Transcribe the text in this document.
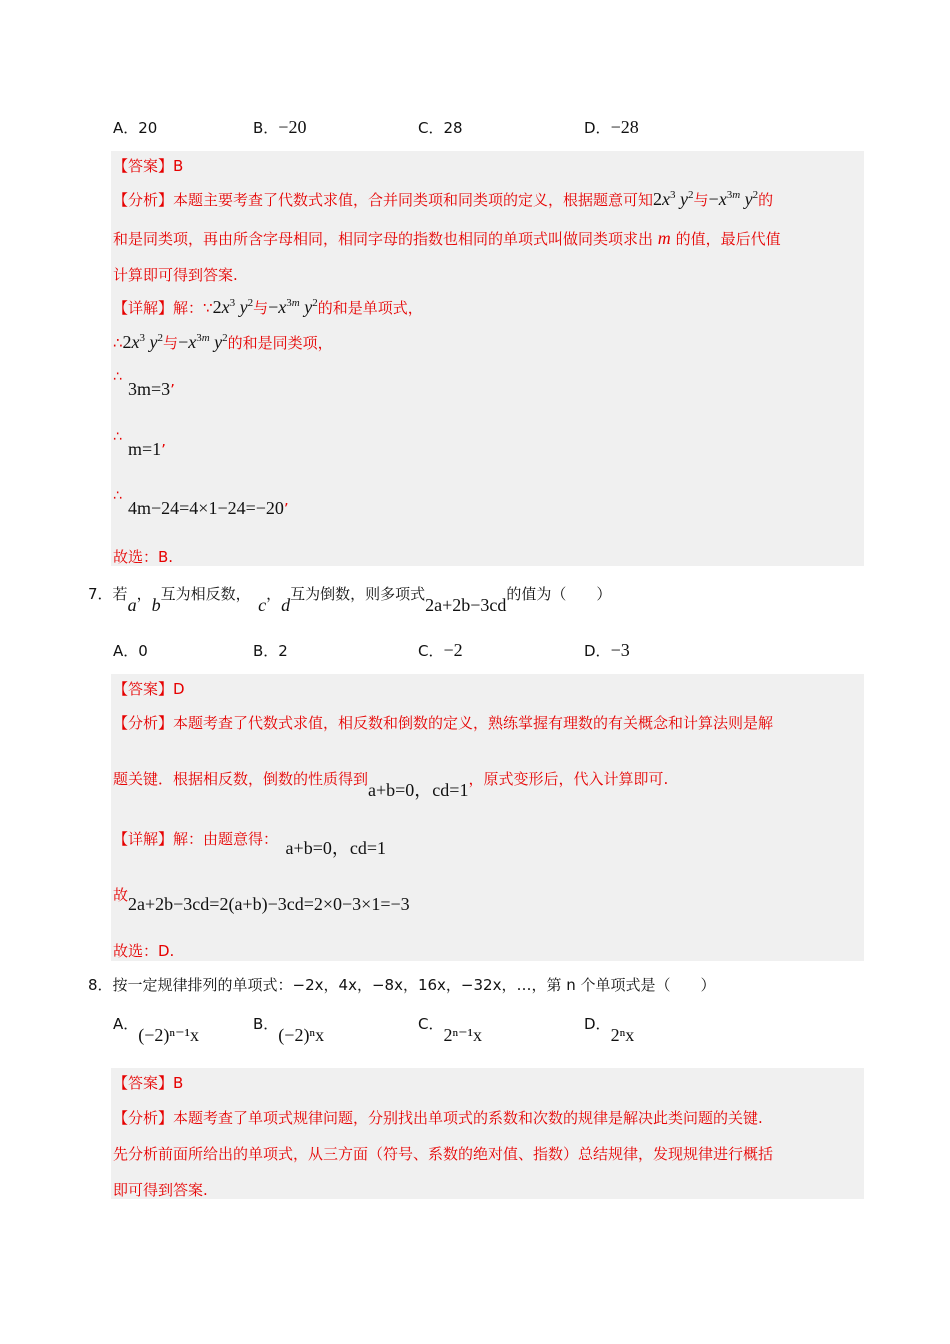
A．20	B．−20	C．28	D．−28
【答案】B
【分析】本题主要考查了代数式求值，合并同类项和同类项的定义，根据题意可知$2x^3$ $y^2$与$-x^{3m}$ $y^2$的
和是同类项，再由所含字母相同，相同字母的指数也相同的单项式叫做同类项求出 m 的值，最后代值
计算即可得到答案.
【详解】解：$\because 2x^3$ $y^2$与$-x^{3m}$ $y^2$的和是单项式，
$\therefore 2x^3$ $y^2$与$-x^{3m}$ $y^2$的和是同类项，
∴
3m=3’
∴
m=1’
∴
4m−24=4×1−24=−20’
故选：B.
7．若a，b互为相反数，　c，d互为倒数，则多项式2a+2b−3cd的值为（　　）
A．0	B．2	C．−2	D．−3
【答案】D
【分析】本题考查了代数式求值，相反数和倒数的定义，熟练掌握有理数的有关概念和计算法则是解
题关键．根据相反数，倒数的性质得到a+b=0，cd=1，原式变形后，代入计算即可.
【详解】解：由题意得：　 a+b=0，cd=1
故2a+2b−3cd=2(a+b)−3cd=2×0−3×1=−3
故选：D.
8．按一定规律排列的单项式：−2x，4x，−8x，16x，−32x，…，第 n 个单项式是（　　）
A．(−2)ⁿ⁻¹x
B．(−2)ⁿx
C．2ⁿ⁻¹x
D．2ⁿx
【答案】B
【分析】本题考查了单项式规律问题，分别找出单项式的系数和次数的规律是解决此类问题的关键.
先分析前面所给出的单项式，从三方面（符号、系数的绝对值、指数）总结规律，发现规律进行概括
即可得到答案.
